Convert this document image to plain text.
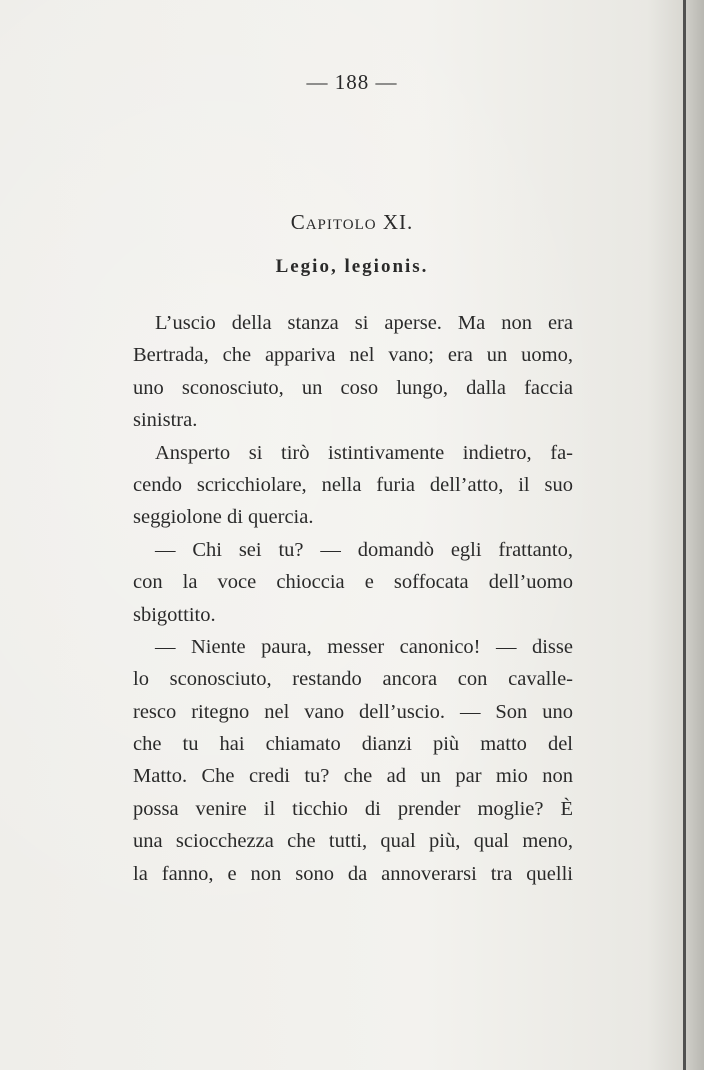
— 188 —
Capitolo XI.
Legio, legionis.
L’uscio della stanza si aperse. Ma non era
Bertrada, che appariva nel vano; era un uomo,
uno sconosciuto, un coso lungo, dalla faccia
sinistra.
Ansperto si tirò istintivamente indietro, fa-
cendo scricchiolare, nella furia dell’atto, il suo
seggiolone di quercia.
— Chi sei tu? — domandò egli frattanto,
con la voce chioccia e soffocata dell’uomo
sbigottito.
— Niente paura, messer canonico! — disse
lo sconosciuto, restando ancora con cavalle-
resco ritegno nel vano dell’uscio. — Son uno
che tu hai chiamato dianzi più matto del
Matto. Che credi tu? che ad un par mio non
possa venire il ticchio di prender moglie? È
una sciocchezza che tutti, qual più, qual meno,
la fanno, e non sono da annoverarsi tra quelli
